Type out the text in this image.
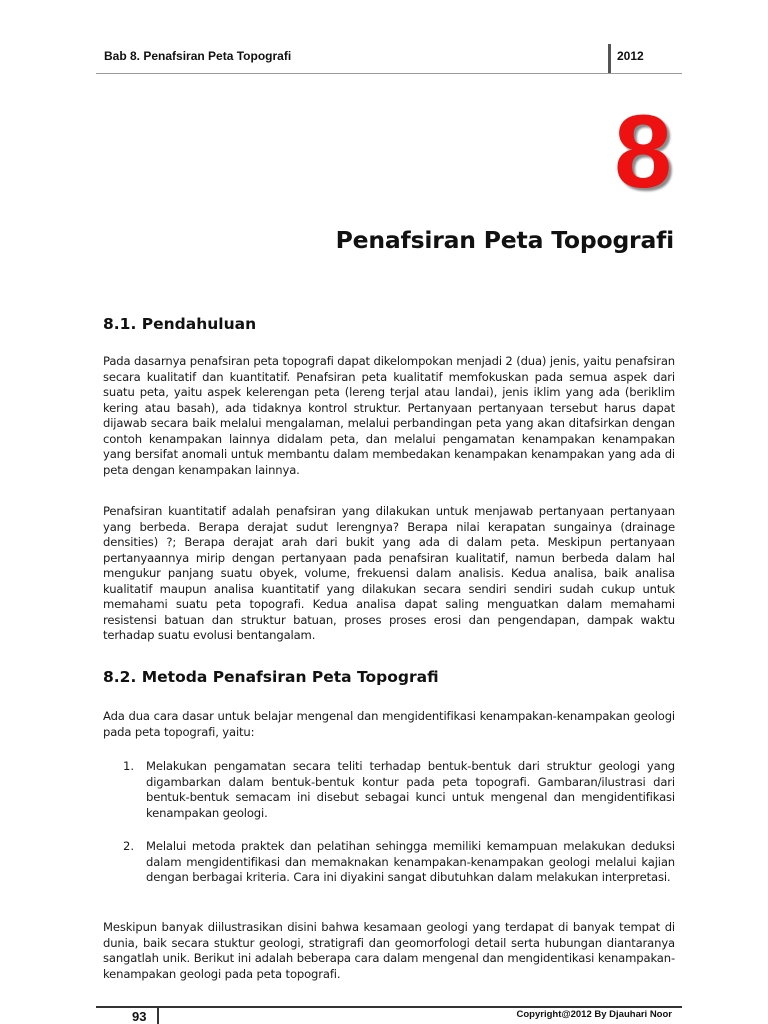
Bab 8. Penafsiran Peta Topografi	2012
8
Penafsiran Peta Topografi
8.1. Pendahuluan
Pada dasarnya penafsiran peta topografi dapat dikelompokan menjadi 2 (dua) jenis, yaitu penafsiran secara kualitatif dan kuantitatif. Penafsiran peta kualitatif memfokuskan pada semua aspek dari suatu peta, yaitu aspek kelerengan peta (lereng terjal atau landai), jenis iklim yang ada (beriklim kering atau basah), ada tidaknya kontrol struktur. Pertanyaan pertanyaan tersebut harus dapat dijawab secara baik melalui mengalaman, melalui perbandingan peta yang akan ditafsirkan dengan contoh kenampakan lainnya didalam peta, dan melalui pengamatan kenampakan kenampakan yang bersifat anomali untuk membantu dalam membedakan kenampakan kenampakan yang ada di peta dengan kenampakan lainnya.
Penafsiran kuantitatif adalah penafsiran yang dilakukan untuk menjawab pertanyaan pertanyaan yang berbeda. Berapa derajat sudut lerengnya? Berapa nilai kerapatan sungainya (drainage densities) ?; Berapa derajat arah dari bukit yang ada di dalam peta. Meskipun pertanyaan pertanyaannya mirip dengan pertanyaan pada penafsiran kualitatif, namun berbeda dalam hal mengukur panjang suatu obyek, volume, frekuensi dalam analisis. Kedua analisa, baik analisa kualitatif maupun analisa kuantitatif yang dilakukan secara sendiri sendiri sudah cukup untuk memahami suatu peta topografi. Kedua analisa dapat saling menguatkan dalam memahami resistensi batuan dan struktur batuan, proses proses erosi dan pengendapan, dampak waktu terhadap suatu evolusi bentangalam.
8.2. Metoda Penafsiran Peta Topografi
Ada dua cara dasar untuk belajar mengenal dan mengidentifikasi kenampakan-kenampakan geologi pada peta topografi, yaitu:
1. Melakukan pengamatan secara teliti terhadap bentuk-bentuk dari struktur geologi yang digambarkan dalam bentuk-bentuk kontur pada peta topografi. Gambaran/ilustrasi dari bentuk-bentuk semacam ini disebut sebagai kunci untuk mengenal dan mengidentifikasi kenampakan geologi.
2. Melalui metoda praktek dan pelatihan sehingga memiliki kemampuan melakukan deduksi dalam mengidentifikasi dan memaknakan kenampakan-kenampakan geologi melalui kajian dengan berbagai kriteria. Cara ini diyakini sangat dibutuhkan dalam melakukan interpretasi.
Meskipun banyak diilustrasikan disini bahwa kesamaan geologi yang terdapat di banyak tempat di dunia, baik secara stuktur geologi, stratigrafi dan geomorfologi detail serta hubungan diantaranya sangatlah unik. Berikut ini adalah beberapa cara dalam mengenal dan mengidentikasi kenampakan-kenampakan geologi pada peta topografi.
93	Copyright@2012 By Djauhari Noor
